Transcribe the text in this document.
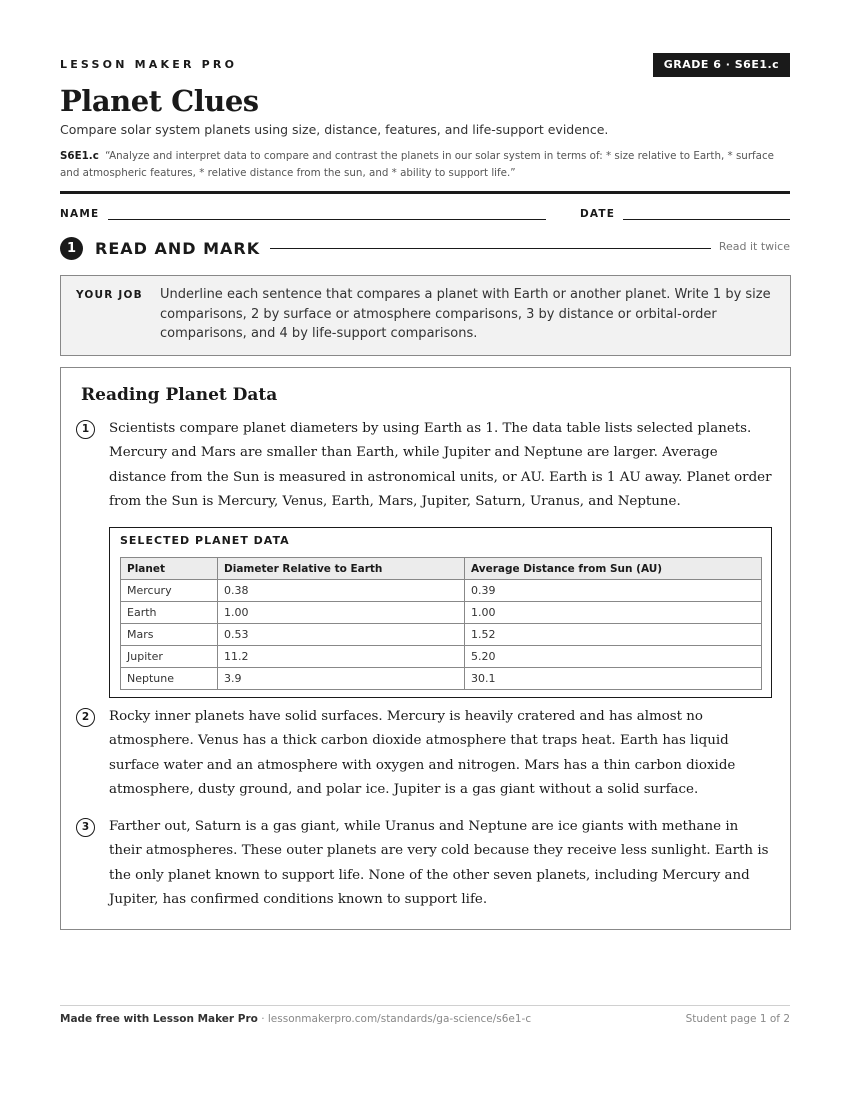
LESSON MAKER PRO	GRADE 6 · S6E1.c
Planet Clues
Compare solar system planets using size, distance, features, and life-support evidence.
S6E1.c “Analyze and interpret data to compare and contrast the planets in our solar system in terms of: * size relative to Earth, * surface and atmospheric features, * relative distance from the sun, and * ability to support life.”
NAME	DATE
1	READ AND MARK	Read it twice
YOUR JOB Underline each sentence that compares a planet with Earth or another planet. Write 1 by size comparisons, 2 by surface or atmosphere comparisons, 3 by distance or orbital-order comparisons, and 4 by life-support comparisons.
Reading Planet Data
1	Scientists compare planet diameters by using Earth as 1. The data table lists selected planets. Mercury and Mars are smaller than Earth, while Jupiter and Neptune are larger. Average distance from the Sun is measured in astronomical units, or AU. Earth is 1 AU away. Planet order from the Sun is Mercury, Venus, Earth, Mars, Jupiter, Saturn, Uranus, and Neptune.

SELECTED PLANET DATA
Planet	Diameter Relative to Earth	Average Distance from Sun (AU)
Mercury	0.38	0.39
Earth	1.00	1.00
Mars	0.53	1.52
Jupiter	11.2	5.20
Neptune	3.9	30.1
2	Rocky inner planets have solid surfaces. Mercury is heavily cratered and has almost no atmosphere. Venus has a thick carbon dioxide atmosphere that traps heat. Earth has liquid surface water and an atmosphere with oxygen and nitrogen. Mars has a thin carbon dioxide atmosphere, dusty ground, and polar ice. Jupiter is a gas giant without a solid surface.

3	Farther out, Saturn is a gas giant, while Uranus and Neptune are ice giants with methane in their atmospheres. These outer planets are very cold because they receive less sunlight. Earth is the only planet known to support life. None of the other seven planets, including Mercury and Jupiter, has confirmed conditions known to support life.

Made free with Lesson Maker Pro · lessonmakerpro.com/standards/ga-science/s6e1-c	Student page 1 of 2
